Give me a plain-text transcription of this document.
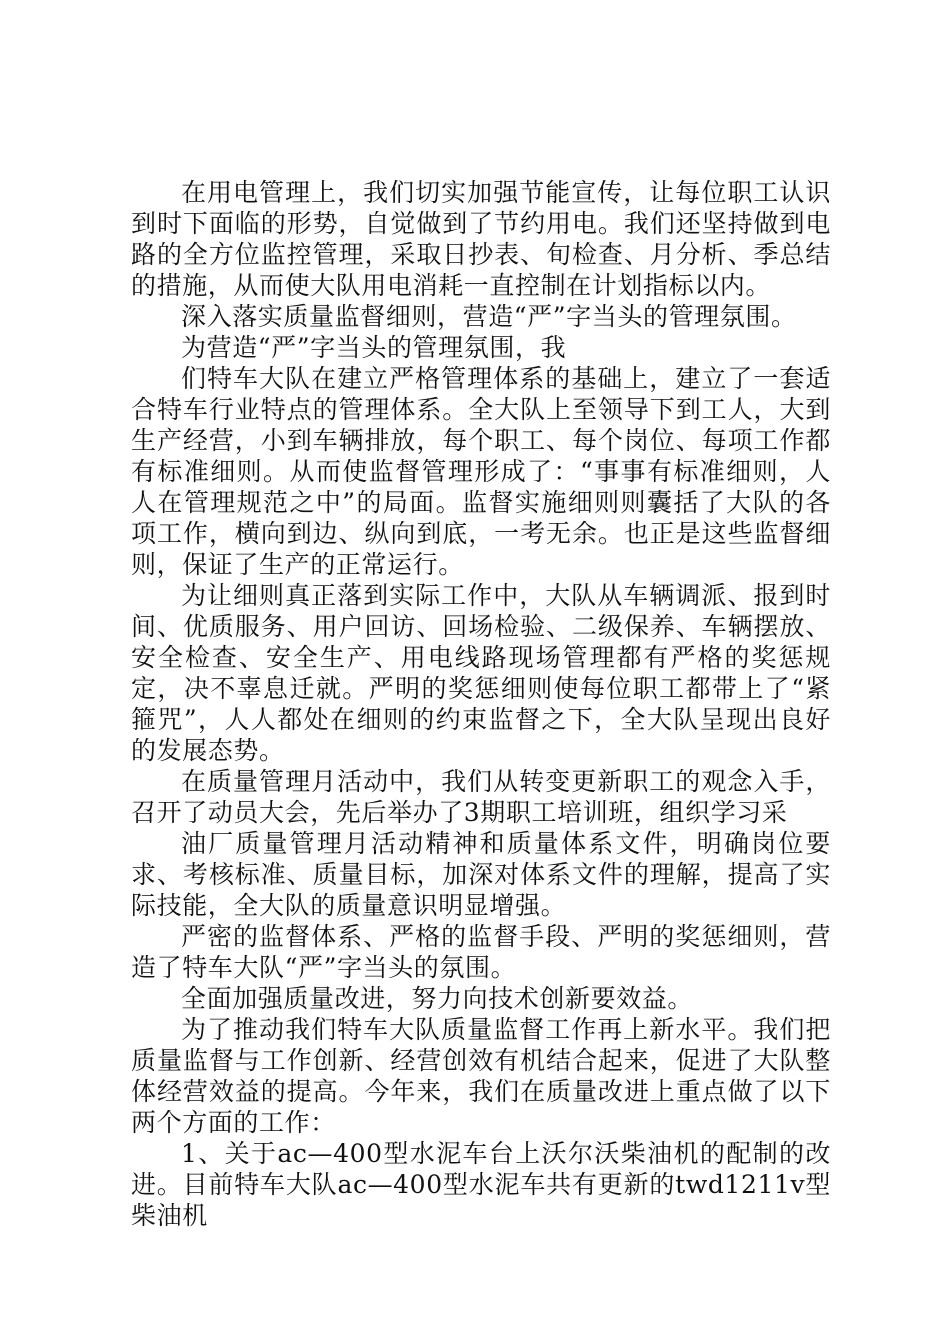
在用电管理上，我们切实加强节能宣传，让每位职工认识到时下面临的形势，自觉做到了节约用电。我们还坚持做到电路的全方位监控管理，采取日抄表、旬检查、月分析、季总结的措施，从而使大队用电消耗一直控制在计划指标以内。

深入落实质量监督细则，营造“严”字当头的管理氛围。

为营造“严”字当头的管理氛围，我

们特车大队在建立严格管理体系的基础上，建立了一套适合特车行业特点的管理体系。全大队上至领导下到工人，大到生产经营，小到车辆排放，每个职工、每个岗位、每项工作都有标准细则。从而使监督管理形成了：“事事有标准细则，人人在管理规范之中”的局面。监督实施细则则囊括了大队的各项工作，横向到边、纵向到底，一考无余。也正是这些监督细则，保证了生产的正常运行。

为让细则真正落到实际工作中，大队从车辆调派、报到时间、优质服务、用户回访、回场检验、二级保养、车辆摆放、安全检查、安全生产、用电线路现场管理都有严格的奖惩规定，决不辜息迁就。严明的奖惩细则使每位职工都带上了“紧箍咒”，人人都处在细则的约束监督之下，全大队呈现出良好的发展态势。

在质量管理月活动中，我们从转变更新职工的观念入手，召开了动员大会，先后举办了3期职工培训班，组织学习采

油厂质量管理月活动精神和质量体系文件，明确岗位要求、考核标准、质量目标，加深对体系文件的理解，提高了实际技能，全大队的质量意识明显增强。

严密的监督体系、严格的监督手段、严明的奖惩细则，营造了特车大队“严”字当头的氛围。

全面加强质量改进，努力向技术创新要效益。

为了推动我们特车大队质量监督工作再上新水平。我们把质量监督与工作创新、经营创效有机结合起来，促进了大队整体经营效益的提高。今年来，我们在质量改进上重点做了以下两个方面的工作：

1、关于ac—400型水泥车台上沃尔沃柴油机的配制的改进。目前特车大队ac—400型水泥车共有更新的twd1211v型柴油机
